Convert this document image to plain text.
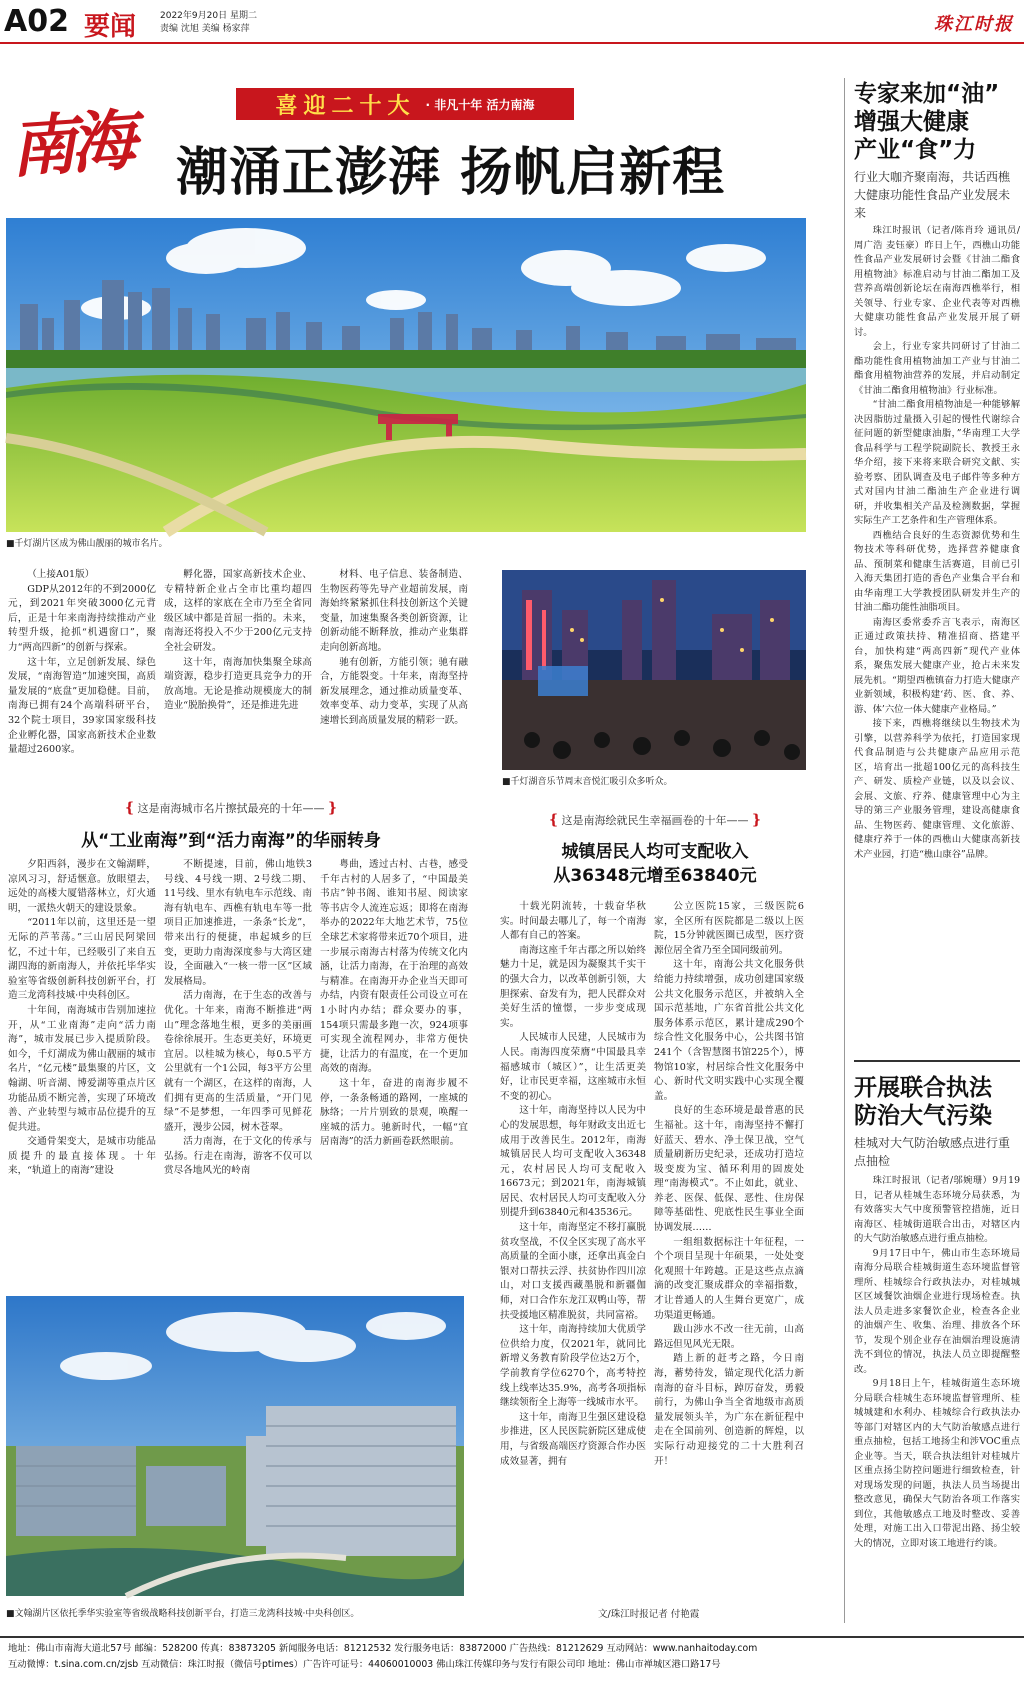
A02 要闻	2022年9月20日 星期二
责编 沈旭 美编 杨家萍	珠江时报
喜迎二十大 · 非凡十年 活力南海
南海 潮涌正澎湃 扬帆启新程
■千灯湖片区成为佛山靓丽的城市名片。

（上接A01版）

GDP从2012年的不到2000亿元，到2021年突破3000亿元背后，正是十年来南海持续推动产业转型升级，抢抓“机遇窗口”，聚力“两高四新”的创新与探索。

这十年，立足创新发展、绿色发展，“南海智造”加速突围，高质量发展的“底盘”更加稳健。目前，南海已拥有24个高端科研平台，32个院士项目，39家国家级科技企业孵化器，国家高新技术企业数量超过2600家。

孵化器，国家高新技术企业、专精特新企业占全市比重均超四成，这样的家底在全市乃至全省同级区域中都是首屈一指的。未来，南海还将投入不少于200亿元支持全社会研发。

这十年，南海加快集聚全球高端资源，稳步打造更具竞争力的开放高地。无论是推动规模庞大的制造业“脱胎换骨”，还是推进先进

材料、电子信息、装备制造、生物医药等先导产业超前发展，南海始终紧紧抓住科技创新这个关键变量，加速集聚各类创新资源，让创新动能不断释放，推动产业集群走向创新高地。

驰有创新，方能引领；驰有融合，方能裂变。十年来，南海坚持新发展理念，通过推动质量变革、效率变革、动力变革，实现了从高速增长到高质量发展的精彩一跃。

■千灯湖音乐节周末音悦汇吸引众多听众。
{ 这是南海城市名片擦拭最亮的十年—— }
从“工业南海”到“活力南海”的华丽转身

夕阳西斜，漫步在文翰湖畔，凉风习习，舒适惬意。放眼望去，远处的高楼大厦错落林立，灯火通明，一派热火朝天的建设景象。

“2011年以前，这里还是一望无际的芦苇荡。”三山居民阿梁回忆，不过十年，已经吸引了来自五湖四海的新南海人，并依托毕华实验室等省级创新科技创新平台，打造三龙湾科技城·中央科创区。

十年间，南海城市告别加速拉开，从“工业南海”走向“活力南海”，城市发展已步入提质阶段。如今，千灯湖成为佛山靓丽的城市名片，“亿元楼”最集聚的片区，文翰湖、听音湖、博爱湖等重点片区功能品质不断完善，实现了环境改善、产业转型与城市品位提升的互促共进。

交通骨架变大，是城市功能品质提升的最直接体现。十年来，“轨道上的南海”建设

不断提速，目前，佛山地铁3号线、4号线一期、2号线二期、11号线、里水有轨电车示范线、南海有轨电车、西樵有轨电车等一批项目正加速推进，一条条“长龙”，带来出行的便捷，串起城乡的巨变，更助力南海深度参与大湾区建设，全面融入“一核一带一区”区域发展格局。

活力南海，在于生态的改善与优化。十年来，南海不断推进“两山”理念落地生根，更多的美丽画卷徐徐展开。生态更美好，环境更宜居。以桂城为核心，每0.5平方公里就有一个1公园，每3平方公里就有一个湖区，在这样的南海，人们拥有更高的生活质量，“开门见绿”不是梦想，一年四季可见鲜花盛开，漫步公园，树木苍翠。

活力南海，在于文化的传承与弘扬。行走在南海，游客不仅可以赏尽各地风光的岭南

粤曲，透过古村、古巷，感受千年古村的人居多了，“中国最美书店”钟书阁、谁知书屋、阅读家等书店令人流连忘返；即将在南海举办的2022年大地艺术节，75位全球艺术家将带来近70个项目，进一步展示南海古村落为传统文化内涵，让活力南海，在于治理的高效与精准。在南海开办企业当天即可办结，内资有限责任公司设立可在1小时内办结；群众要办的事，154项只需最多跑一次，924项事可实现全流程网办，非常方便快捷，让活力的有温度，在一个更加高效的南海。

这十年，奋进的南海步履不停，一条条畅通的路网，一座城的脉络；一片片别致的景观，唤醒一座城的活力。驰新时代，一幅“宜居南海”的活力新画卷跃然眼前。

{ 这是南海绘就民生幸福画卷的十年—— }
城镇居民人均可支配收入
从36348元增至63840元

十载光阴流转，十载奋华秋实。时间最去哪儿了，每一个南海人都有自己的答案。

南海这座千年古郡之所以始终魅力十足，就是因为凝聚其千实干的强大合力，以改革创新引领，大胆探索、奋发有为，把人民群众对美好生活的憧憬，一步步变成现实。

人民城市人民建，人民城市为人民。南海四度荣膺“中国最具幸福感城市（城区）”，让生活更美好，让市民更幸福，这座城市永恒不变的初心。

这十年，南海坚持以人民为中心的发展思想，每年财政支出近七成用于改善民生。2012年，南海城镇居民人均可支配收入36348元，农村居民人均可支配收入16673元；到2021年，南海城镇居民、农村居民人均可支配收入分别提升到63840元和43536元。

这十年，南海坚定不移打赢脱贫攻坚战，不仅全区实现了高水平高质量的全面小康，还拿出真金白银对口帮扶云浮、扶贫协作四川凉山，对口支援西藏墨脱和新疆伽师，对口合作东龙江双鸭山等，帮扶受援地区精准脱贫，共同富裕。

这十年，南海持续加大优质学位供给力度，仅2021年，就同比新增义务教育阶段学位达2万个，学前教育学位6270个，高考特控线上线率达35.9%，高考各项指标继续领衔全上海等一线城市水平。

这十年，南海卫生强区建设稳步推进，区人民医院新院区建成使用，与省级高端医疗资源合作办医成效显著，拥有

公立医院15家，三级医院6家，全区所有医院都是二级以上医院，15分钟就医圈已成型，医疗资源位居全省乃至全国同级前列。

这十年，南海公共文化服务供给能力持续增强，成功创建国家级公共文化服务示范区，并被纳入全国示范基地，广东省首批公共文化服务体系示范区，累计建成290个综合性文化服务中心，公共图书馆241个（含智慧图书馆225个），博物馆10家，村居综合性文化服务中心、新时代文明实践中心实现全覆盖。

良好的生态环境是最普惠的民生福祉。这十年，南海坚持不懈打好蓝天、碧水、净土保卫战，空气质量刷新历史纪录，还成功打造垃圾变废为宝、循环利用的固废处理“南海模式”。不止如此，就业、养老、医保、低保、恶性、住房保障等基础性、兜底性民生事业全面协调发展……

一组组数据标注十年征程，一个个项目呈现十年硕果，一处处变化观照十年跨越。正是这些点点滴滴的改变汇聚成群众的幸福指数，才让普通人的人生舞台更宽广，成功渠道更畅通。

跋山涉水不改一往无前，山高路远但见风光无限。

踏上新的赶考之路，今日南海，蓄势待发，锚定现代化活力新南海的奋斗目标，踔厉奋发，勇毅前行，为佛山争当全省地级市高质量发展领头羊，为广东在新征程中走在全国前列、创造新的辉煌，以实际行动迎接党的二十大胜利召开！

■文翰湖片区依托季华实验室等省级战略科技创新平台，打造三龙湾科技城·中央科创区。	文/珠江时报记者 付艳霞
专家来加“油”
增强大健康
产业“食”力
行业大咖齐聚南海，共话西樵大健康功能性食品产业发展未来

珠江时报讯（记者/陈肖玲 通讯员/周广浩 麦钰豪）昨日上午，西樵山功能性食品产业发展研讨会暨《甘油二酯食用植物油》标准启动与甘油二酯加工及营养高端创新论坛在南海西樵举行，相关领导、行业专家、企业代表等对西樵大健康功能性食品产业发展开展了研讨。

会上，行业专家共同研讨了甘油二酯功能性食用植物油加工产业与甘油二酯食用植物油营养的发展，并启动制定《甘油二酯食用植物油》行业标准。

“甘油二酯食用植物油是一种能够解决因脂肪过量摄入引起的慢性代谢综合征问题的新型健康油脂，”华南理工大学食品科学与工程学院副院长、教授王永华介绍，接下来将来联合研究文献、实验考察、团队调查及电子邮件等多种方式对国内甘油二酯油生产企业进行调研，并收集相关产品及检测数据，掌握实际生产工艺条件和生产管理体系。

西樵结合良好的生态资源优势和生物技术等科研优势，选择营养健康食品、预制菜和健康生活赛道，目前已引入海天集团打造的香色产业集合平台和由华南理工大学教授团队研发并生产的甘油二酯功能性油脂项目。

南海区委常委乔言飞表示，南海区正通过政策扶持、精准招商、搭建平台，加快构建“两高四新”现代产业体系，聚焦发展大健康产业，抢占未来发展先机。“期望西樵镇奋力打造大健康产业新领域，积极构建‘药、医、食、养、游、体’六位一体大健康产业格局。”

接下来，西樵将继续以生物技术为引擎，以营养科学为依托，打造国家现代食品制造与公共健康产品应用示范区，培育出一批超100亿元的高科技生产、研发、质检产业链，以及以会议、会展、文旅、疗养、健康管理中心为主导的第三产业服务管理，建设高健康食品、生物医药、健康管理、文化旅游、健康疗养于一体的西樵山大健康高新技术产业园，打造“樵山康谷”品牌。

开展联合执法
防治大气污染
桂城对大气防治敏感点进行重点抽检

珠江时报讯（记者/邬婉珊）9月19日，记者从桂城生态环境分局获悉，为有效落实大气中度预警管控措施，近日南海区、桂城街道联合出击，对辖区内的大气防治敏感点进行重点抽检。

9月17日中午，佛山市生态环境局南海分局联合桂城街道生态环境监督管理所、桂城综合行政执法办，对桂城城区区域餐饮油烟企业进行现场检查。执法人员走进多家餐饮企业，检查各企业的油烟产生、收集、治理、排放各个环节，发现个别企业存在油烟治理设施清洗不到位的情况，执法人员立即提醒整改。

9月18日上午，桂城街道生态环境分局联合桂城生态环境监督管理所、桂城城建和水利办、桂城综合行政执法办等部门对辖区内的大气防治敏感点进行重点抽检，包括工地扬尘和涉VOC重点企业等。当天，联合执法组针对桂城片区重点扬尘防控问题进行细致检查，针对现场发现的问题，执法人员当场提出整改意见，确保大气防治各项工作落实到位，其他敏感点工地及时整改、妥善处理，对施工出入口带泥出路、扬尘较大的情况，立即对该工地进行约谈。

地址：佛山市南海大道北57号 邮编：528200 传真：83873205 新闻服务电话：81212532 发行服务电话：83872000 广告热线：81212629 互动网站：www.nanhaitoday.com
互动微博：t.sina.com.cn/zjsb 互动微信：珠江时报（微信号ptimes）广告许可证号：44060010003 佛山珠江传媒印务与发行有限公司印 地址：佛山市禅城区港口路17号
